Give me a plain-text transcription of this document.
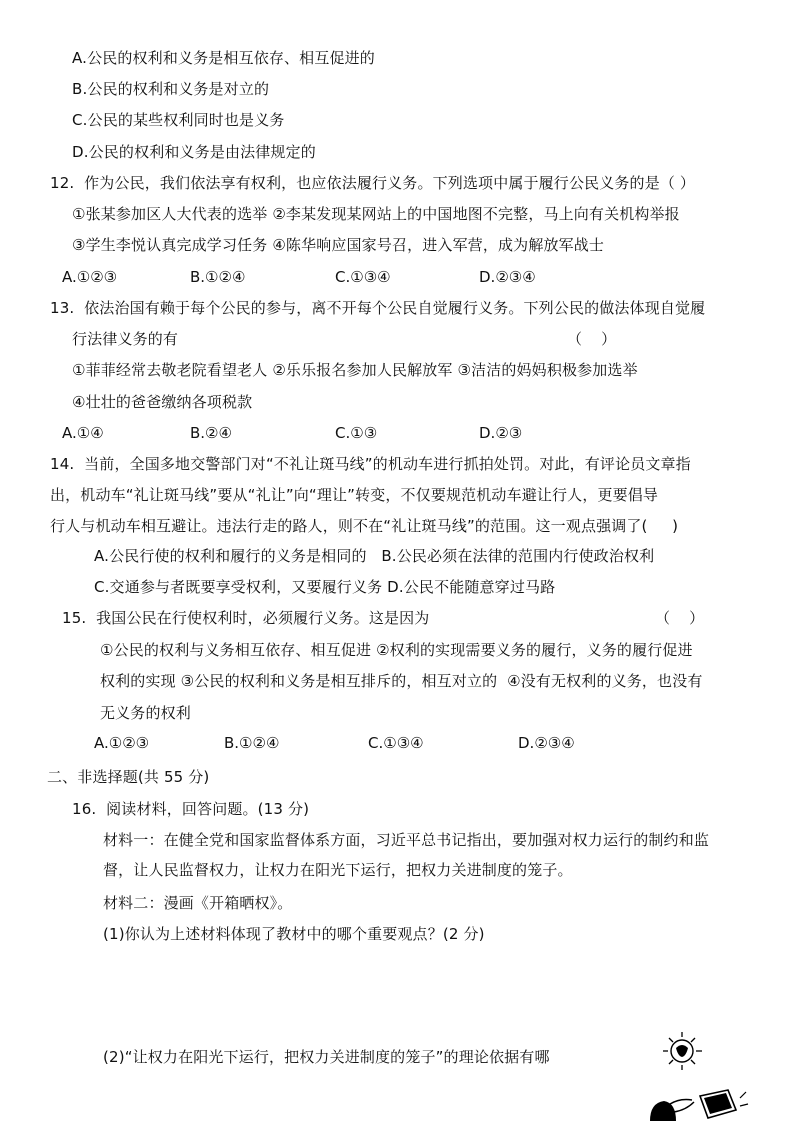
A.公民的权利和义务是相互依存、相互促进的
B.公民的权利和义务是对立的
C.公民的某些权利同时也是义务
D.公民的权利和义务是由法律规定的
12.  作为公民，我们依法享有权利，也应依法履行义务。下列选项中属于履行公民义务的是（ ）
①张某参加区人大代表的选举 ②李某发现某网站上的中国地图不完整，马上向有关机构举报
③学生李悦认真完成学习任务 ④陈华响应国家号召，进入军营，成为解放军战士
A.①②③	B.①②④	C.①③④	D.②③④
13.  依法治国有赖于每个公民的参与，离不开每个公民自觉履行义务。下列公民的做法体现自觉履
行法律义务的有	（    ）
①菲菲经常去敬老院看望老人 ②乐乐报名参加人民解放军 ③洁洁的妈妈积极参加选举
④壮壮的爸爸缴纳各项税款
A.①④	B.②④	C.①③	D.②③
14.  当前，全国多地交警部门对“不礼让斑马线”的机动车进行抓拍处罚。对此，有评论员文章指
出，机动车“礼让斑马线”要从“礼让”向“理让”转变，不仅要规范机动车避让行人，更要倡导
行人与机动车相互避让。违法行走的路人，则不在“礼让斑马线”的范围。这一观点强调了(     )
A.公民行使的权利和履行的义务是相同的   B.公民必须在法律的范围内行使政治权利
C.交通参与者既要享受权利，又要履行义务 D.公民不能随意穿过马路
15.  我国公民在行使权利时，必须履行义务。这是因为	（    ）
①公民的权利与义务相互依存、相互促进 ②权利的实现需要义务的履行，义务的履行促进
权利的实现 ③公民的权利和义务是相互排斥的，相互对立的  ④没有无权利的义务，也没有
无义务的权利
A.①②③	B.①②④	C.①③④	D.②③④
二、非选择题(共 55 分)
16.  阅读材料，回答问题。(13 分)
材料一：在健全党和国家监督体系方面，习近平总书记指出，要加强对权力运行的制约和监
督，让人民监督权力，让权力在阳光下运行，把权力关进制度的笼子。
材料二：漫画《开箱晒权》。
(1)你认为上述材料体现了教材中的哪个重要观点？(2 分)
(2)“让权力在阳光下运行，把权力关进制度的笼子”的理论依据有哪
